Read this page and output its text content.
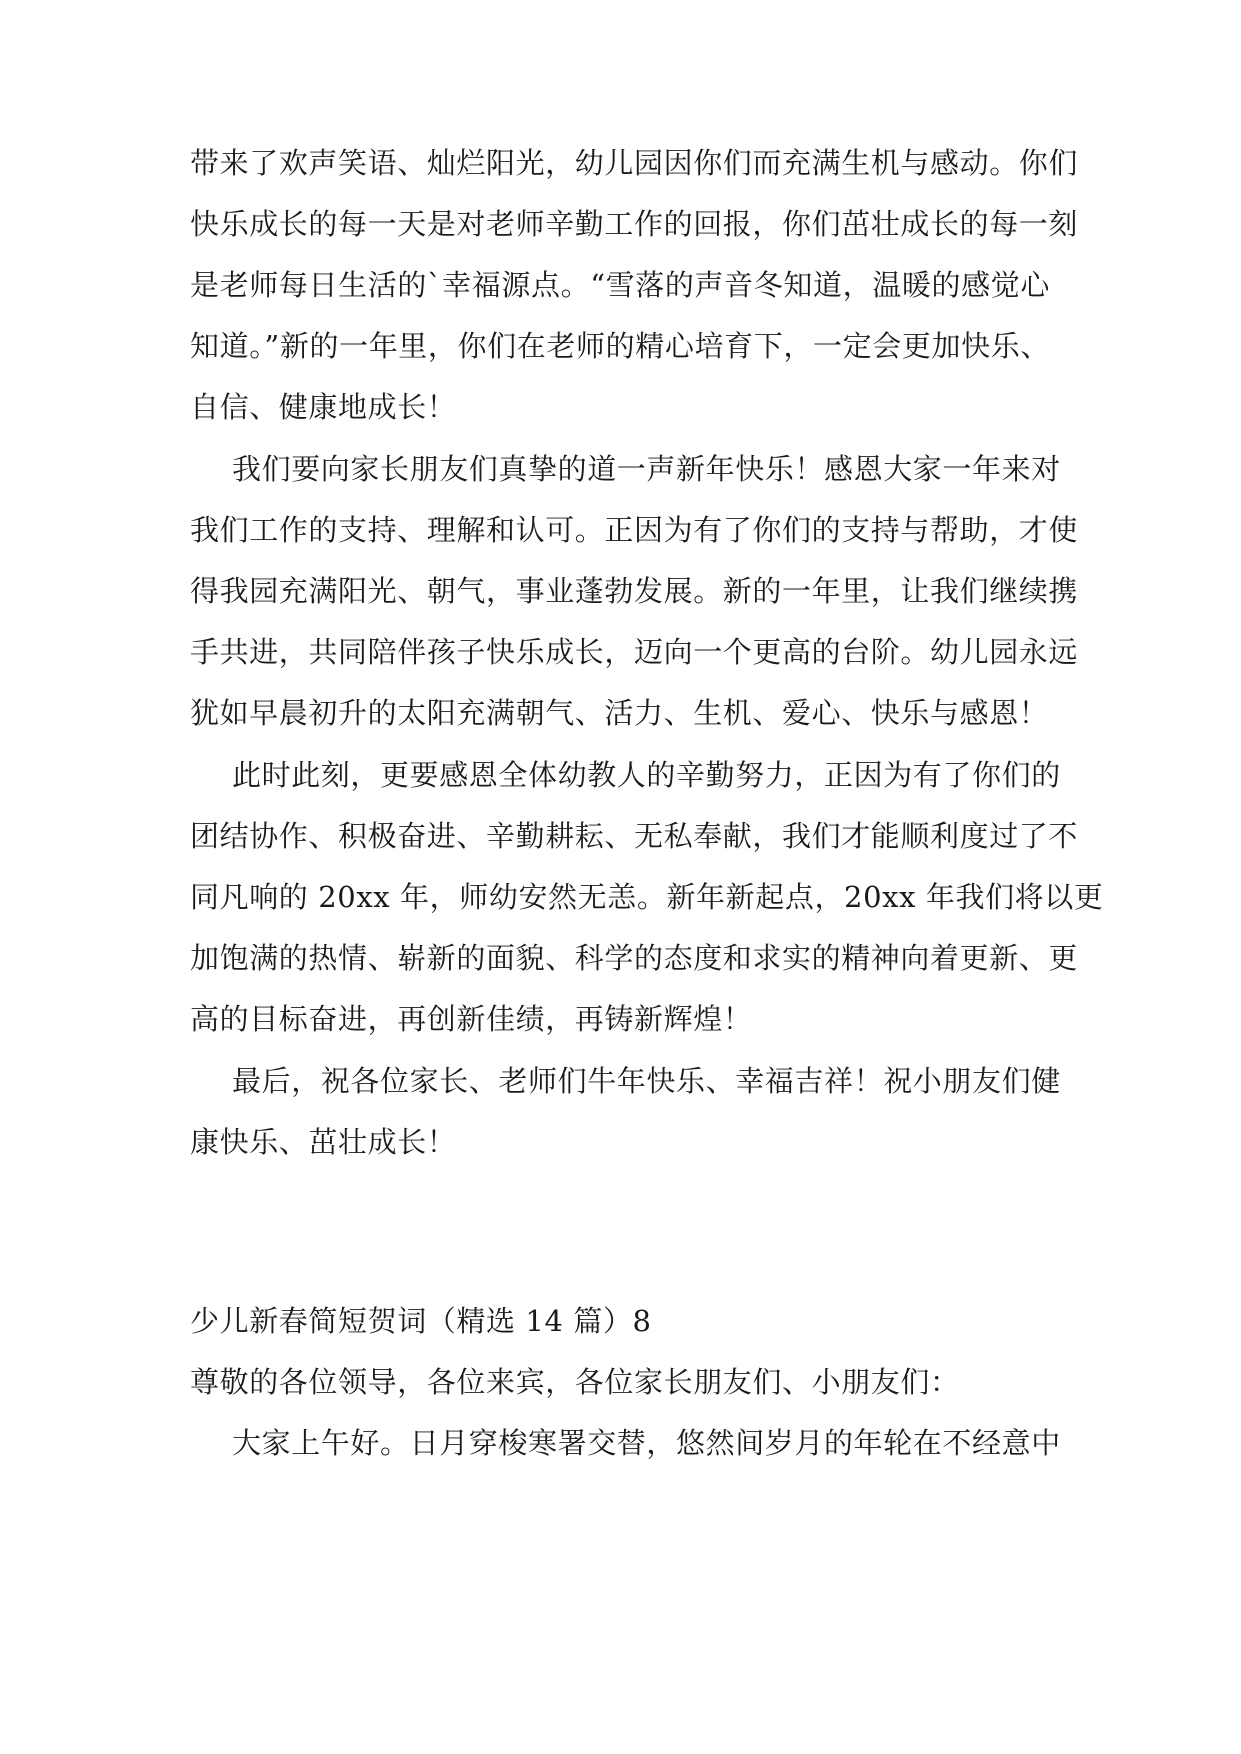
带来了欢声笑语、灿烂阳光，幼儿园因你们而充满生机与感动。你们
快乐成长的每一天是对老师辛勤工作的回报，你们茁壮成长的每一刻
是老师每日生活的`幸福源点。“雪落的声音冬知道，温暖的感觉心
知道。”新的一年里，你们在老师的精心培育下，一定会更加快乐、
自信、健康地成长！
我们要向家长朋友们真挚的道一声新年快乐！感恩大家一年来对
我们工作的支持、理解和认可。正因为有了你们的支持与帮助，才使
得我园充满阳光、朝气，事业蓬勃发展。新的一年里，让我们继续携
手共进，共同陪伴孩子快乐成长，迈向一个更高的台阶。幼儿园永远
犹如早晨初升的太阳充满朝气、活力、生机、爱心、快乐与感恩！
此时此刻，更要感恩全体幼教人的辛勤努力，正因为有了你们的
团结协作、积极奋进、辛勤耕耘、无私奉献，我们才能顺利度过了不
同凡响的 20xx 年，师幼安然无恙。新年新起点，20xx 年我们将以更
加饱满的热情、崭新的面貌、科学的态度和求实的精神向着更新、更
高的目标奋进，再创新佳绩，再铸新辉煌！
最后，祝各位家长、老师们牛年快乐、幸福吉祥！祝小朋友们健
康快乐、茁壮成长！
少儿新春简短贺词（精选 14 篇）8
尊敬的各位领导，各位来宾，各位家长朋友们、小朋友们：
大家上午好。日月穿梭寒署交替，悠然间岁月的年轮在不经意中
